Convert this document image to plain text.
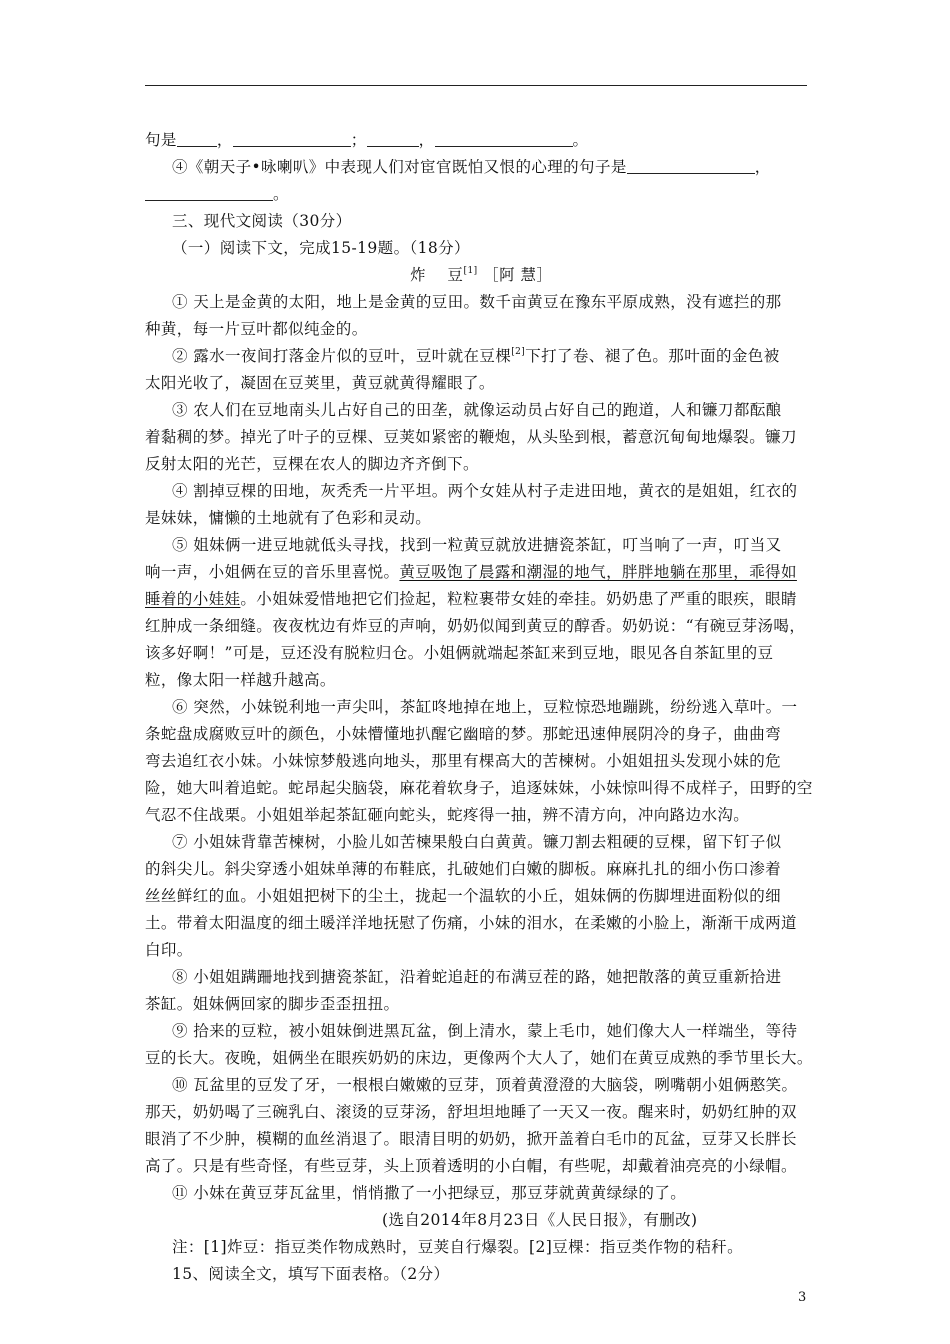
句是	，	；	，	。
④《朝天子•咏喇叭》中表现人们对宦官既怕又恨的心理的句子是	，
。
三、现代文阅读（30分）
（一）阅读下文，完成15-19题。（18分）
炸　 豆[1] ［阿 慧］
① 天上是金黄的太阳，地上是金黄的豆田。数千亩黄豆在豫东平原成熟，没有遮拦的那
种黄，每一片豆叶都似纯金的。
② 露水一夜间打落金片似的豆叶，豆叶就在豆棵[2]下打了卷、褪了色。那叶面的金色被
太阳光收了，凝固在豆荚里，黄豆就黄得耀眼了。
③ 农人们在豆地南头儿占好自己的田垄，就像运动员占好自己的跑道，人和镰刀都酝酿
着黏稠的梦。掉光了叶子的豆棵、豆荚如紧密的鞭炮，从头坠到根，蓄意沉甸甸地爆裂。镰刀
反射太阳的光芒，豆棵在农人的脚边齐齐倒下。
④ 割掉豆棵的田地，灰秃秃一片平坦。两个女娃从村子走进田地，黄衣的是姐姐，红衣的
是妹妹，慵懒的土地就有了色彩和灵动。
⑤ 姐妹俩一进豆地就低头寻找，找到一粒黄豆就放进搪瓷茶缸，叮当响了一声，叮当又
响一声，小姐俩在豆的音乐里喜悦。黄豆吸饱了晨露和潮湿的地气，胖胖地躺在那里，乖得如
睡着的小娃娃。小姐妹爱惜地把它们捡起，粒粒裹带女娃的牵挂。奶奶患了严重的眼疾，眼睛
红肿成一条细缝。夜夜枕边有炸豆的声响，奶奶似闻到黄豆的醇香。奶奶说：“有碗豆芽汤喝，
该多好啊！”可是，豆还没有脱粒归仓。小姐俩就端起茶缸来到豆地，眼见各自茶缸里的豆
粒，像太阳一样越升越高。
⑥ 突然，小妹锐利地一声尖叫，茶缸咚地掉在地上，豆粒惊恐地蹦跳，纷纷逃入草叶。一
条蛇盘成腐败豆叶的颜色，小妹懵懂地扒醒它幽暗的梦。那蛇迅速伸展阴冷的身子，曲曲弯
弯去追红衣小妹。小妹惊梦般逃向地头，那里有棵高大的苦楝树。小姐姐扭头发现小妹的危
险，她大叫着追蛇。蛇昂起尖脑袋，麻花着软身子，追逐妹妹，小妹惊叫得不成样子，田野的空
气忍不住战栗。小姐姐举起茶缸砸向蛇头，蛇疼得一抽，辨不清方向，冲向路边水沟。
⑦ 小姐妹背靠苦楝树，小脸儿如苦楝果般白白黄黄。镰刀割去粗硬的豆棵，留下钉子似
的斜尖儿。斜尖穿透小姐妹单薄的布鞋底，扎破她们白嫩的脚板。麻麻扎扎的细小伤口渗着
丝丝鲜红的血。小姐姐把树下的尘土，拢起一个温软的小丘，姐妹俩的伤脚埋进面粉似的细
土。带着太阳温度的细土暖洋洋地抚慰了伤痛，小妹的泪水，在柔嫩的小脸上，渐渐干成两道
白印。
⑧ 小姐姐蹒跚地找到搪瓷茶缸，沿着蛇追赶的布满豆茬的路，她把散落的黄豆重新拾进
茶缸。姐妹俩回家的脚步歪歪扭扭。
⑨ 拾来的豆粒，被小姐妹倒进黑瓦盆，倒上清水，蒙上毛巾，她们像大人一样端坐，等待
豆的长大。夜晚，姐俩坐在眼疾奶奶的床边，更像两个大人了，她们在黄豆成熟的季节里长大。
⑩ 瓦盆里的豆发了牙，一根根白嫩嫩的豆芽，顶着黄澄澄的大脑袋，咧嘴朝小姐俩憨笑。
那天，奶奶喝了三碗乳白、滚烫的豆芽汤，舒坦坦地睡了一天又一夜。醒来时，奶奶红肿的双
眼消了不少肿，模糊的血丝消退了。眼清目明的奶奶，掀开盖着白毛巾的瓦盆，豆芽又长胖长
高了。只是有些奇怪，有些豆芽，头上顶着透明的小白帽，有些呢，却戴着油亮亮的小绿帽。
⑪ 小妹在黄豆芽瓦盆里，悄悄撒了一小把绿豆，那豆芽就黄黄绿绿的了。
(选自2014年8月23日《人民日报》，有删改)
注：[1]炸豆：指豆类作物成熟时，豆荚自行爆裂。[2]豆棵：指豆类作物的秸秆。
15、阅读全文，填写下面表格。（2分）
3
